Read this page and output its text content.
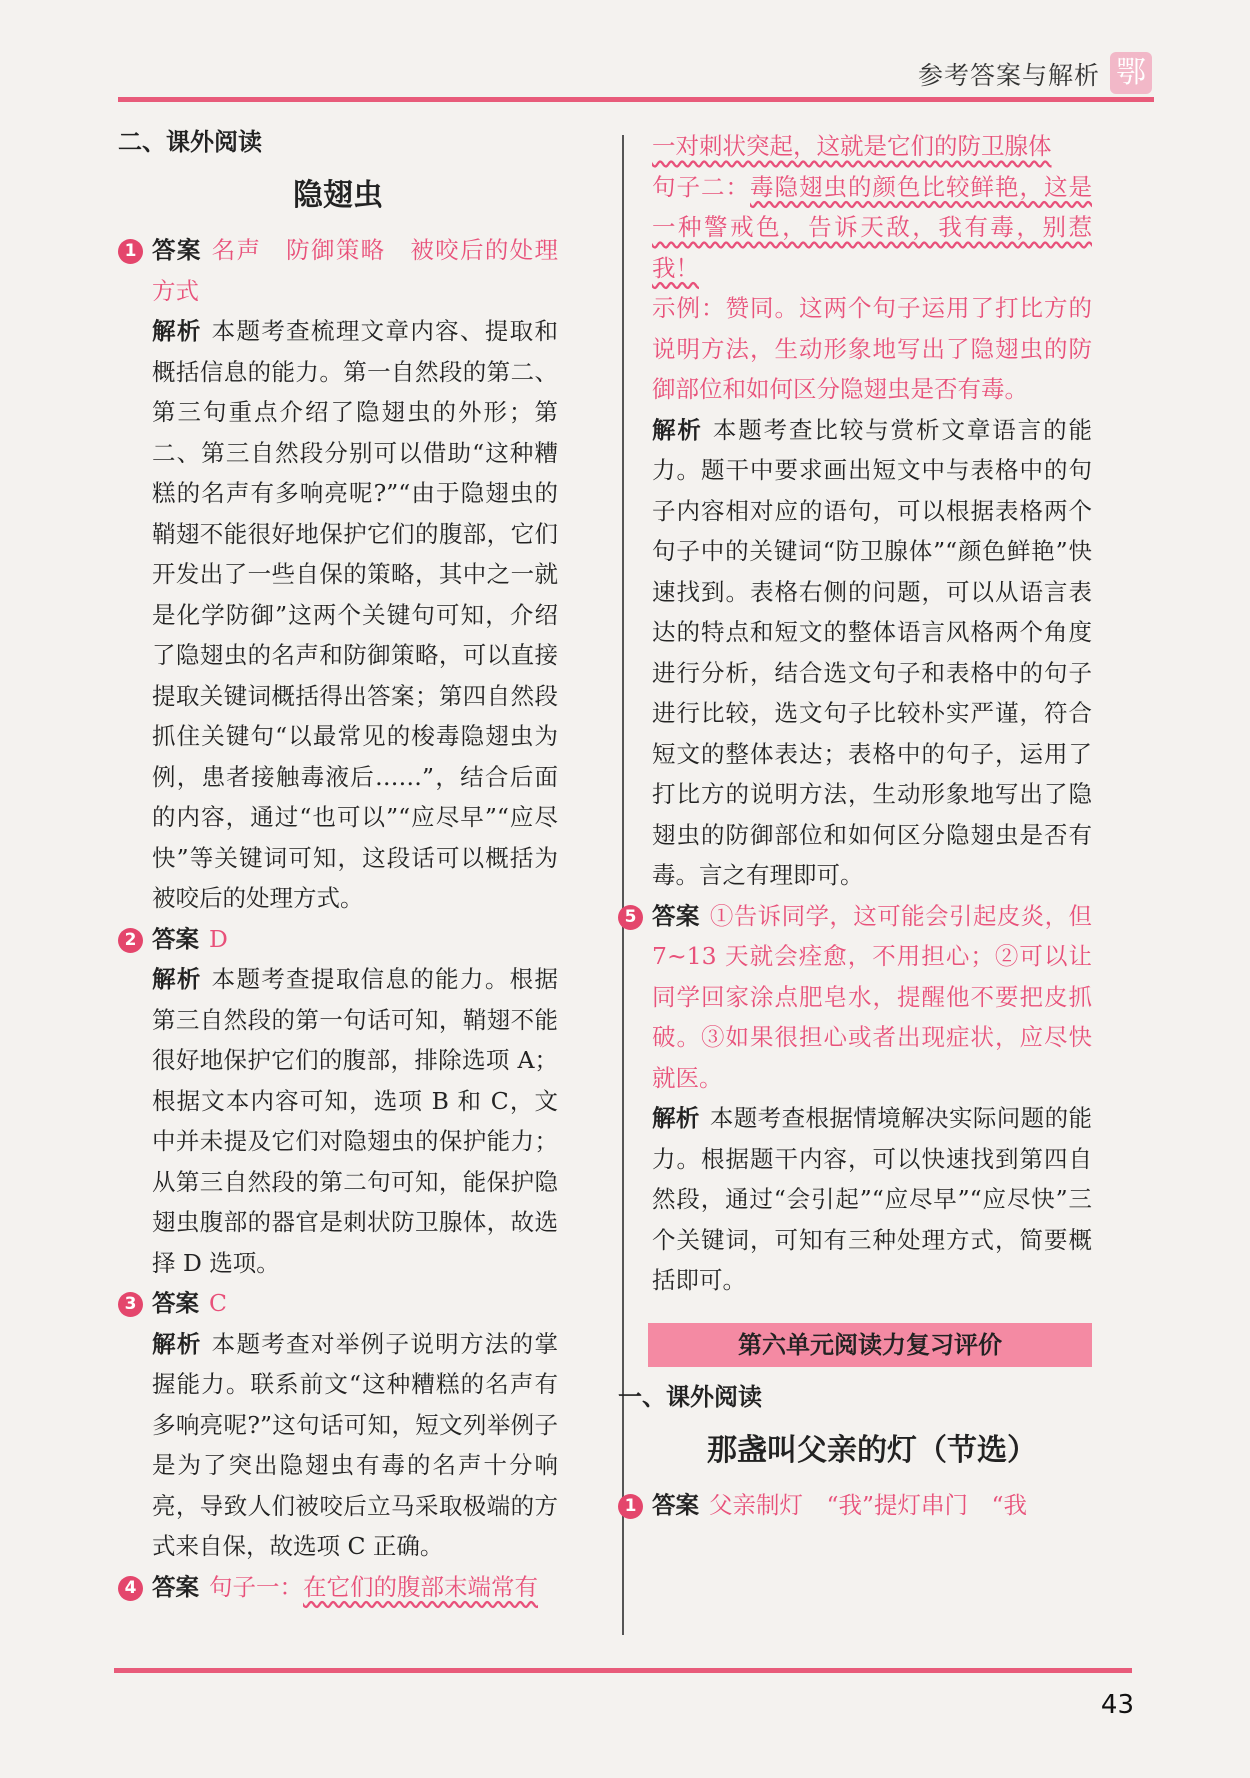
参考答案与解析 鄂
二、课外阅读
隐翅虫
1 答案 名声　防御策略　被咬后的处理方式

解析 本题考查梳理文章内容、提取和概括信息的能力。第一自然段的第二、第三句重点介绍了隐翅虫的外形；第二、第三自然段分别可以借助“这种糟糕的名声有多响亮呢?”“由于隐翅虫的鞘翅不能很好地保护它们的腹部，它们开发出了一些自保的策略，其中之一就是化学防御”这两个关键句可知，介绍了隐翅虫的名声和防御策略，可以直接提取关键词概括得出答案；第四自然段抓住关键句“以最常见的梭毒隐翅虫为例，患者接触毒液后……”，结合后面的内容，通过“也可以”“应尽早”“应尽快”等关键词可知，这段话可以概括为被咬后的处理方式。

2 答案 D

解析 本题考查提取信息的能力。根据第三自然段的第一句话可知，鞘翅不能很好地保护它们的腹部，排除选项 A；根据文本内容可知，选项 B 和 C，文中并未提及它们对隐翅虫的保护能力；从第三自然段的第二句可知，能保护隐翅虫腹部的器官是刺状防卫腺体，故选择 D 选项。

3 答案 C

解析 本题考查对举例子说明方法的掌握能力。联系前文“这种糟糕的名声有多响亮呢?”这句话可知，短文列举例子是为了突出隐翅虫有毒的名声十分响亮，导致人们被咬后立马采取极端的方式来自保，故选项 C 正确。

4 答案 句子一：在它们的腹部末端常有

一对刺状突起，这就是它们的防卫腺体

句子二：毒隐翅虫的颜色比较鲜艳，这是一种警戒色，告诉天敌，我有毒，别惹我！

示例：赞同。这两个句子运用了打比方的说明方法，生动形象地写出了隐翅虫的防御部位和如何区分隐翅虫是否有毒。

解析 本题考查比较与赏析文章语言的能力。题干中要求画出短文中与表格中的句子内容相对应的语句，可以根据表格两个句子中的关键词“防卫腺体”“颜色鲜艳”快速找到。表格右侧的问题，可以从语言表达的特点和短文的整体语言风格两个角度进行分析，结合选文句子和表格中的句子进行比较，选文句子比较朴实严谨，符合短文的整体表达；表格中的句子，运用了打比方的说明方法，生动形象地写出了隐翅虫的防御部位和如何区分隐翅虫是否有毒。言之有理即可。

5 答案 ①告诉同学，这可能会引起皮炎，但 7~13 天就会痊愈，不用担心；②可以让同学回家涂点肥皂水，提醒他不要把皮抓破。③如果很担心或者出现症状，应尽快就医。

解析 本题考查根据情境解决实际问题的能力。根据题干内容，可以快速找到第四自然段，通过“会引起”“应尽早”“应尽快”三个关键词，可知有三种处理方式，简要概括即可。

第六单元阅读力复习评价
一、课外阅读
那盏叫父亲的灯（节选）
1 答案 父亲制灯　“我”提灯串门　“我

43
